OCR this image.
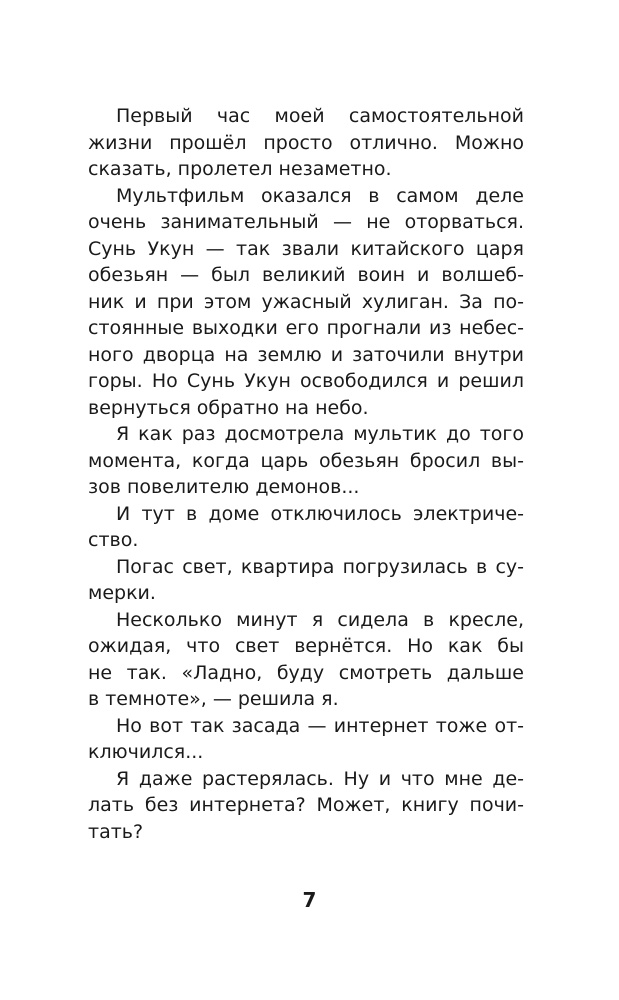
Первый час моей самостоятельной
жизни прошёл просто отлично. Можно
сказать, пролетел незаметно.
Мультфильм оказался в самом деле
очень занимательный — не оторваться.
Сунь Укун — так звали китайского царя
обезьян — был великий воин и волшеб-
ник и при этом ужасный хулиган. За по-
стоянные выходки его прогнали из небес-
ного дворца на землю и заточили внутри
горы. Но Сунь Укун освободился и решил
вернуться обратно на небо.
Я как раз досмотрела мультик до того
момента, когда царь обезьян бросил вы-
зов повелителю демонов...
И тут в доме отключилось электриче-
ство.
Погас свет, квартира погрузилась в су-
мерки.
Несколько минут я сидела в кресле,
ожидая, что свет вернётся. Но как бы
не так. «Ладно, буду смотреть дальше
в темноте», — решила я.
Но вот так засада — интернет тоже от-
ключился...
Я даже растерялась. Ну и что мне де-
лать без интернета? Может, книгу почи-
тать?
7
